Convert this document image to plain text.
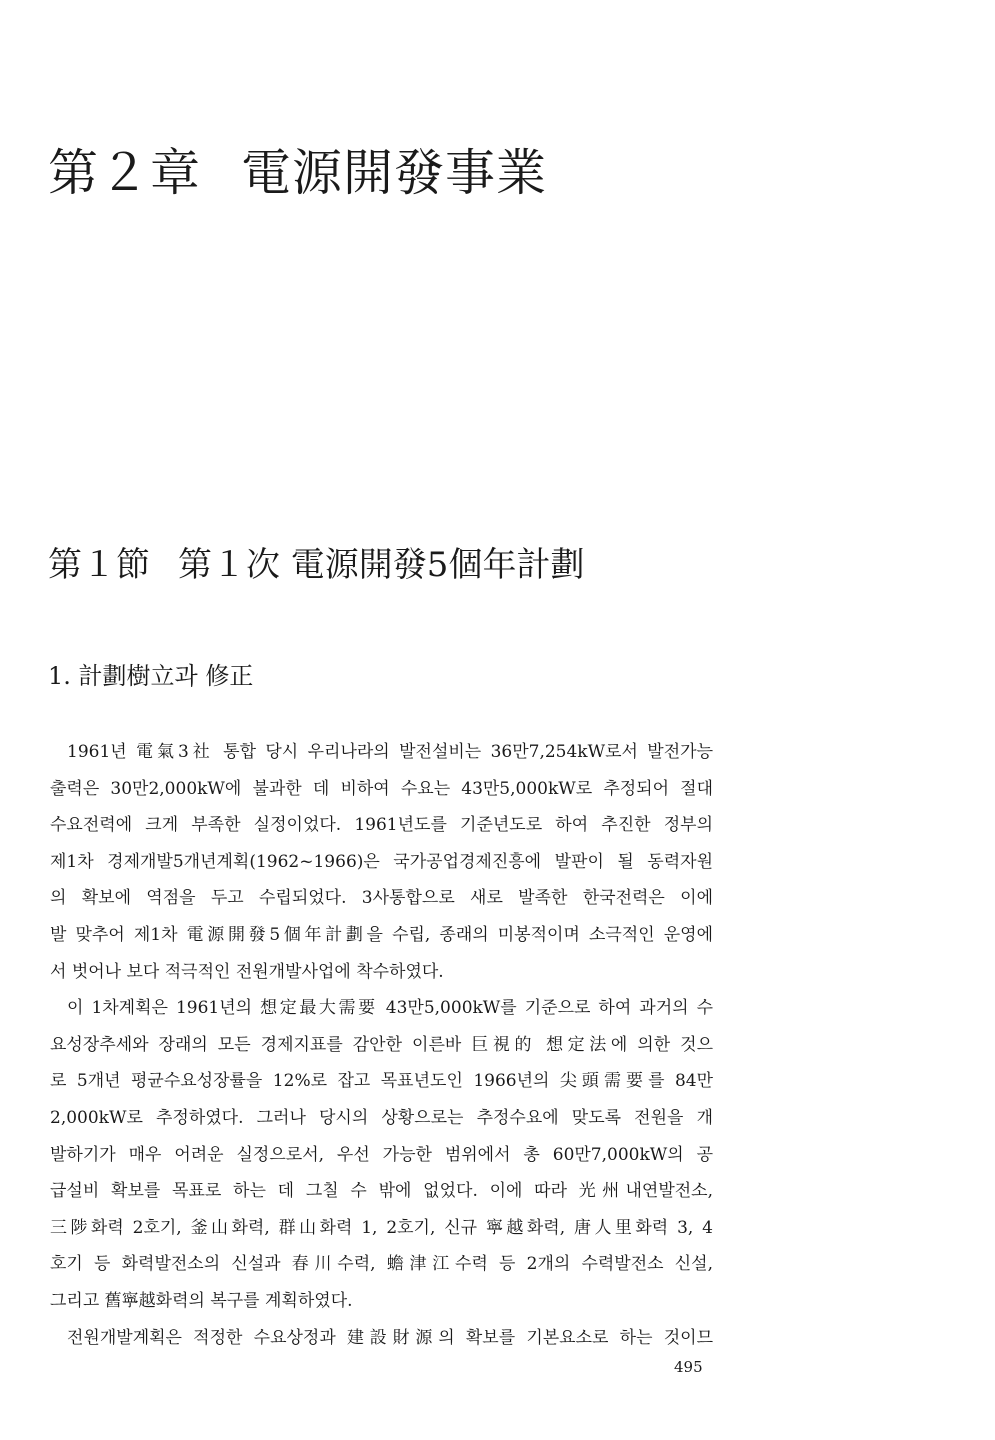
第２章 電源開發事業
第１節 第１次 電源開發5個年計劃
1. 計劃樹立과 修正
1961년 電氣3社 통합 당시 우리나라의 발전설비는 36만7,254kW로서 발전가능
출력은 30만2,000kW에 불과한 데 비하여 수요는 43만5,000kW로 추정되어 절대
수요전력에 크게 부족한 실정이었다. 1961년도를 기준년도로 하여 추진한 정부의
제1차 경제개발5개년계획(1962~1966)은 국가공업경제진흥에 발판이 될 동력자원
의 확보에 역점을 두고 수립되었다. 3사통합으로 새로 발족한 한국전력은 이에
발 맞추어 제1차 電源開發5個年計劃을 수립, 종래의 미봉적이며 소극적인 운영에
서 벗어나 보다 적극적인 전원개발사업에 착수하였다.
이 1차계획은 1961년의 想定最大需要 43만5,000kW를 기준으로 하여 과거의 수
요성장추세와 장래의 모든 경제지표를 감안한 이른바 巨視的 想定法에 의한 것으
로 5개년 평균수요성장률을 12%로 잡고 목표년도인 1966년의 尖頭需要를 84만
2,000kW로 추정하였다. 그러나 당시의 상황으로는 추정수요에 맞도록 전원을 개
발하기가 매우 어려운 실정으로서, 우선 가능한 범위에서 총 60만7,000kW의 공
급설비 확보를 목표로 하는 데 그칠 수 밖에 없었다. 이에 따라 光州내연발전소,
三陟화력 2호기, 釜山화력, 群山화력 1, 2호기, 신규 寧越화력, 唐人里화력 3, 4
호기 등 화력발전소의 신설과 春川수력, 蟾津江수력 등 2개의 수력발전소 신설,
그리고 舊寧越화력의 복구를 계획하였다.
전원개발계획은 적정한 수요상정과 建設財源의 확보를 기본요소로 하는 것이므
495
